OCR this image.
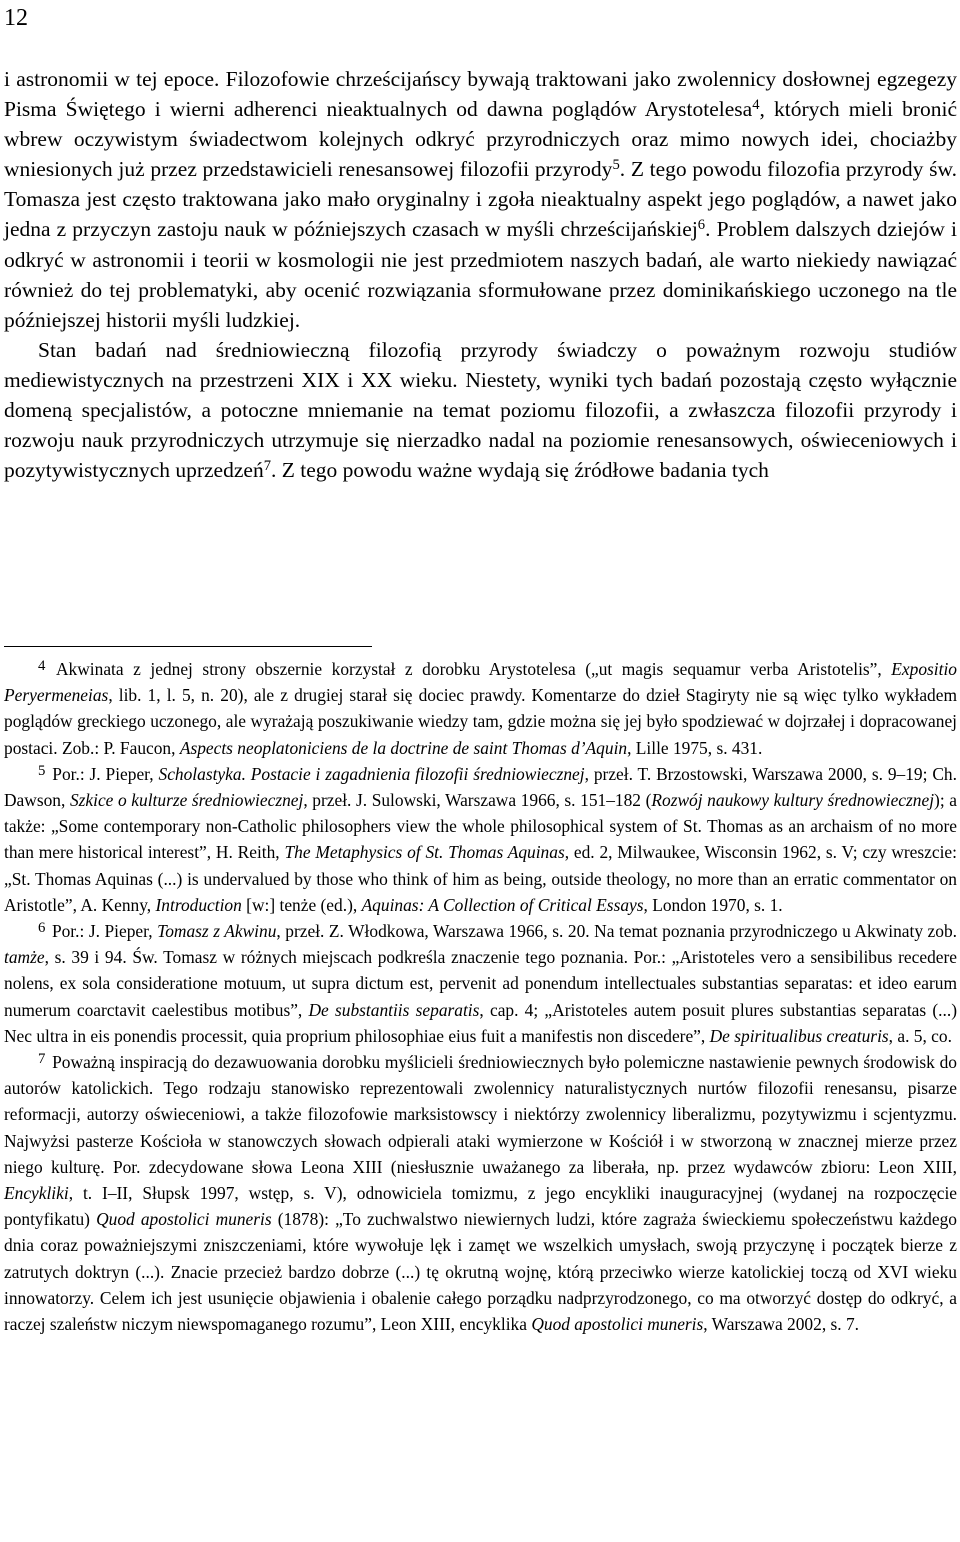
12

i astronomii w tej epoce. Filozofowie chrześcijańscy bywają traktowani jako zwolennicy dosłownej egzegezy Pisma Świętego i wierni adherenci nieaktualnych od dawna poglądów Arystotelesa$^4$, których mieli bronić wbrew oczywistym świadectwom kolejnych odkryć przyrodniczych oraz mimo nowych idei, chociażby wniesionych już przez przedstawicieli renesansowej filozofii przyrody$^5$. Z tego powodu filozofia przyrody św. Tomasza jest często traktowana jako mało oryginalny i zgoła nieaktualny aspekt jego poglądów, a nawet jako jedna z przyczyn zastoju nauk w późniejszych czasach w myśli chrześcijańskiej$^6$. Problem dalszych dziejów i odkryć w astronomii i teorii w kosmologii nie jest przedmiotem naszych badań, ale warto niekiedy nawiązać również do tej problematyki, aby ocenić rozwiązania sformułowane przez dominikańskiego uczonego na tle późniejszej historii myśli ludzkiej.

Stan badań nad średniowieczną filozofią przyrody świadczy o poważnym rozwoju studiów mediewistycznych na przestrzeni XIX i XX wieku. Niestety, wyniki tych badań pozostają często wyłącznie domeną specjalistów, a potoczne mniemanie na temat poziomu filozofii, a zwłaszcza filozofii przyrody i rozwoju nauk przyrodniczych utrzymuje się nierzadko nadal na poziomie renesansowych, oświeceniowych i pozytywistycznych uprzedzeń$^7$. Z tego powodu ważne wydają się źródłowe badania tych

$^4$ Akwinata z jednej strony obszernie korzystał z dorobku Arystotelesa („ut magis sequamur verba Aristotelis”, Expositio Peryermeneias, lib. 1, l. 5, n. 20), ale z drugiej starał się dociec prawdy. Komentarze do dzieł Stagiryty nie są więc tylko wykładem poglądów greckiego uczonego, ale wyrażają poszukiwanie wiedzy tam, gdzie można się jej było spodziewać w dojrzałej i dopracowanej postaci. Zob.: P. Faucon, Aspects neoplatoniciens de la doctrine de saint Thomas d’Aquin, Lille 1975, s. 431.

$^5$ Por.: J. Pieper, Scholastyka. Postacie i zagadnienia filozofii średniowiecznej, przeł. T. Brzostowski, Warszawa 2000, s. 9–19; Ch. Dawson, Szkice o kulturze średniowiecznej, przeł. J. Sulowski, Warszawa 1966, s. 151–182 (Rozwój naukowy kultury średnowiecznej); a także: „Some contemporary non-Catholic philosophers view the whole philosophical system of St. Thomas as an archaism of no more than mere historical interest”, H. Reith, The Metaphysics of St. Thomas Aquinas, ed. 2, Milwaukee, Wisconsin 1962, s. V; czy wreszcie: „St. Thomas Aquinas (...) is undervalued by those who think of him as being, outside theology, no more than an erratic commentator on Aristotle”, A. Kenny, Introduction [w:] tenże (ed.), Aquinas: A Collection of Critical Essays, London 1970, s. 1.

$^6$ Por.: J. Pieper, Tomasz z Akwinu, przeł. Z. Włodkowa, Warszawa 1966, s. 20. Na temat poznania przyrodniczego u Akwinaty zob. tamże, s. 39 i 94. Św. Tomasz w różnych miejscach podkreśla znaczenie tego poznania. Por.: „Aristoteles vero a sensibilibus recedere nolens, ex sola consideratione motuum, ut supra dictum est, pervenit ad ponendum intellectuales substantias separatas: et ideo earum numerum coarctavit caelestibus motibus”, De substantiis separatis, cap. 4; „Aristoteles autem posuit plures substantias separatas (...) Nec ultra in eis ponendis processit, quia proprium philosophiae eius fuit a manifestis non discedere”, De spiritualibus creaturis, a. 5, co.

$^7$ Poważną inspiracją do dezawuowania dorobku myślicieli średniowiecznych było polemiczne nastawienie pewnych środowisk do autorów katolickich. Tego rodzaju stanowisko reprezentowali zwolennicy naturalistycznych nurtów filozofii renesansu, pisarze reformacji, autorzy oświeceniowi, a także filozofowie marksistowscy i niektórzy zwolennicy liberalizmu, pozytywizmu i scjentyzmu. Najwyżsi pasterze Kościoła w stanowczych słowach odpierali ataki wymierzone w Kościół i w stworzoną w znacznej mierze przez niego kulturę. Por. zdecydowane słowa Leona XIII (niesłusznie uważanego za liberała, np. przez wydawców zbioru: Leon XIII, Encykliki, t. I–II, Słupsk 1997, wstęp, s. V), odnowiciela tomizmu, z jego encykliki inauguracyjnej (wydanej na rozpoczęcie pontyfikatu) Quod apostolici muneris (1878): „To zuchwalstwo niewiernych ludzi, które zagraża świeckiemu społeczeństwu każdego dnia coraz poważniejszymi zniszczeniami, które wywołuje lęk i zamęt we wszelkich umysłach, swoją przyczynę i początek bierze z zatrutych doktryn (...). Znacie przecież bardzo dobrze (...) tę okrutną wojnę, którą przeciwko wierze katolickiej toczą od XVI wieku innowatorzy. Celem ich jest usunięcie objawienia i obalenie całego porządku nadprzyrodzonego, co ma otworzyć dostęp do odkryć, a raczej szaleństw niczym niewspomaganego rozumu”, Leon XIII, encyklika Quod apostolici muneris, Warszawa 2002, s. 7.
